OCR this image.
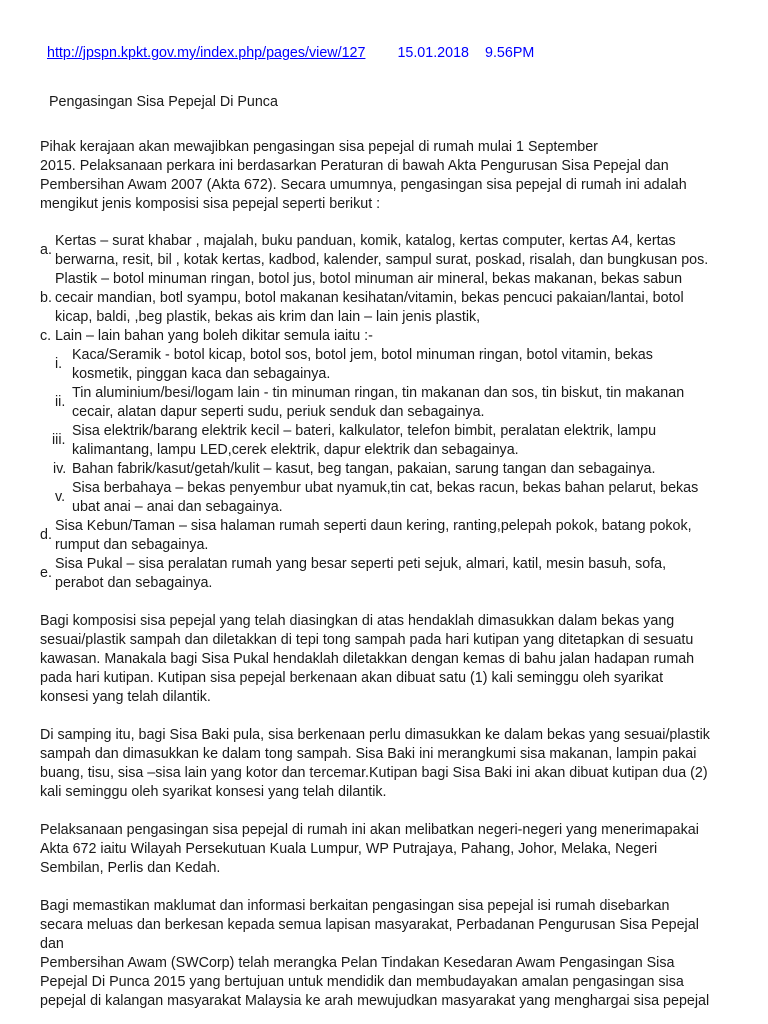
http://jpspn.kpkt.gov.my/index.php/pages/view/127 15.01.2018 9.56PM
Pengasingan Sisa Pepejal Di Punca

Pihak kerajaan akan mewajibkan pengasingan sisa pepejal di rumah mulai 1 September
2015. Pelaksanaan perkara ini berdasarkan Peraturan di bawah Akta Pengurusan Sisa Pepejal dan
Pembersihan Awam 2007 (Akta 672). Secara umumnya, pengasingan sisa pepejal di rumah ini adalah
mengikut jenis komposisi sisa pepejal seperti berikut :

a.
Kertas – surat khabar , majalah, buku panduan, komik, katalog, kertas computer, kertas A4, kertas
berwarna, resit, bil , kotak kertas, kadbod, kalender, sampul surat, poskad, risalah, dan bungkusan pos.
b.
Plastik – botol minuman ringan, botol jus, botol minuman air mineral, bekas makanan, bekas sabun
cecair mandian, botl syampu, botol makanan kesihatan/vitamin, bekas pencuci pakaian/lantai, botol
kicap, baldi, ,beg plastik, bekas ais krim dan lain – lain jenis plastik,
c. Lain – lain bahan yang boleh dikitar semula iaitu :-
i.
Kaca/Seramik - botol kicap, botol sos, botol jem, botol minuman ringan, botol vitamin, bekas
kosmetik, pinggan kaca dan sebagainya.
ii.
Tin aluminium/besi/logam lain - tin minuman ringan, tin makanan dan sos, tin biskut, tin makanan
cecair, alatan dapur seperti sudu, periuk senduk dan sebagainya.
iii.
Sisa elektrik/barang elektrik kecil – bateri, kalkulator, telefon bimbit, peralatan elektrik, lampu
kalimantang, lampu LED,cerek elektrik, dapur elektrik dan sebagainya.
iv. Bahan fabrik/kasut/getah/kulit – kasut, beg tangan, pakaian, sarung tangan dan sebagainya.
v.
Sisa berbahaya – bekas penyembur ubat nyamuk,tin cat, bekas racun, bekas bahan pelarut, bekas
ubat anai – anai dan sebagainya.
d.
Sisa Kebun/Taman – sisa halaman rumah seperti daun kering, ranting,pelepah pokok, batang pokok,
rumput dan sebagainya.
e.
Sisa Pukal – sisa peralatan rumah yang besar seperti peti sejuk, almari, katil, mesin basuh, sofa,
perabot dan sebagainya.

Bagi komposisi sisa pepejal yang telah diasingkan di atas hendaklah dimasukkan dalam bekas yang
sesuai/plastik sampah dan diletakkan di tepi tong sampah pada hari kutipan yang ditetapkan di sesuatu
kawasan. Manakala bagi Sisa Pukal hendaklah diletakkan dengan kemas di bahu jalan hadapan rumah
pada hari kutipan. Kutipan sisa pepejal berkenaan akan dibuat satu (1) kali seminggu oleh syarikat
konsesi yang telah dilantik.

Di samping itu, bagi Sisa Baki pula, sisa berkenaan perlu dimasukkan ke dalam bekas yang sesuai/plastik
sampah dan dimasukkan ke dalam tong sampah. Sisa Baki ini merangkumi sisa makanan, lampin pakai
buang, tisu, sisa –sisa lain yang kotor dan tercemar.Kutipan bagi Sisa Baki ini akan dibuat kutipan dua (2)
kali seminggu oleh syarikat konsesi yang telah dilantik.

Pelaksanaan pengasingan sisa pepejal di rumah ini akan melibatkan negeri-negeri yang menerimapakai
Akta 672 iaitu Wilayah Persekutuan Kuala Lumpur, WP Putrajaya, Pahang, Johor, Melaka, Negeri
Sembilan, Perlis dan Kedah.

Bagi memastikan maklumat dan informasi berkaitan pengasingan sisa pepejal isi rumah disebarkan
secara meluas dan berkesan kepada semua lapisan masyarakat, Perbadanan Pengurusan Sisa Pepejal dan
Pembersihan Awam (SWCorp) telah merangka Pelan Tindakan Kesedaran Awam Pengasingan Sisa
Pepejal Di Punca 2015 yang bertujuan untuk mendidik dan membudayakan amalan pengasingan sisa
pepejal di kalangan masyarakat Malaysia ke arah mewujudkan masyarakat yang menghargai sisa pepejal
